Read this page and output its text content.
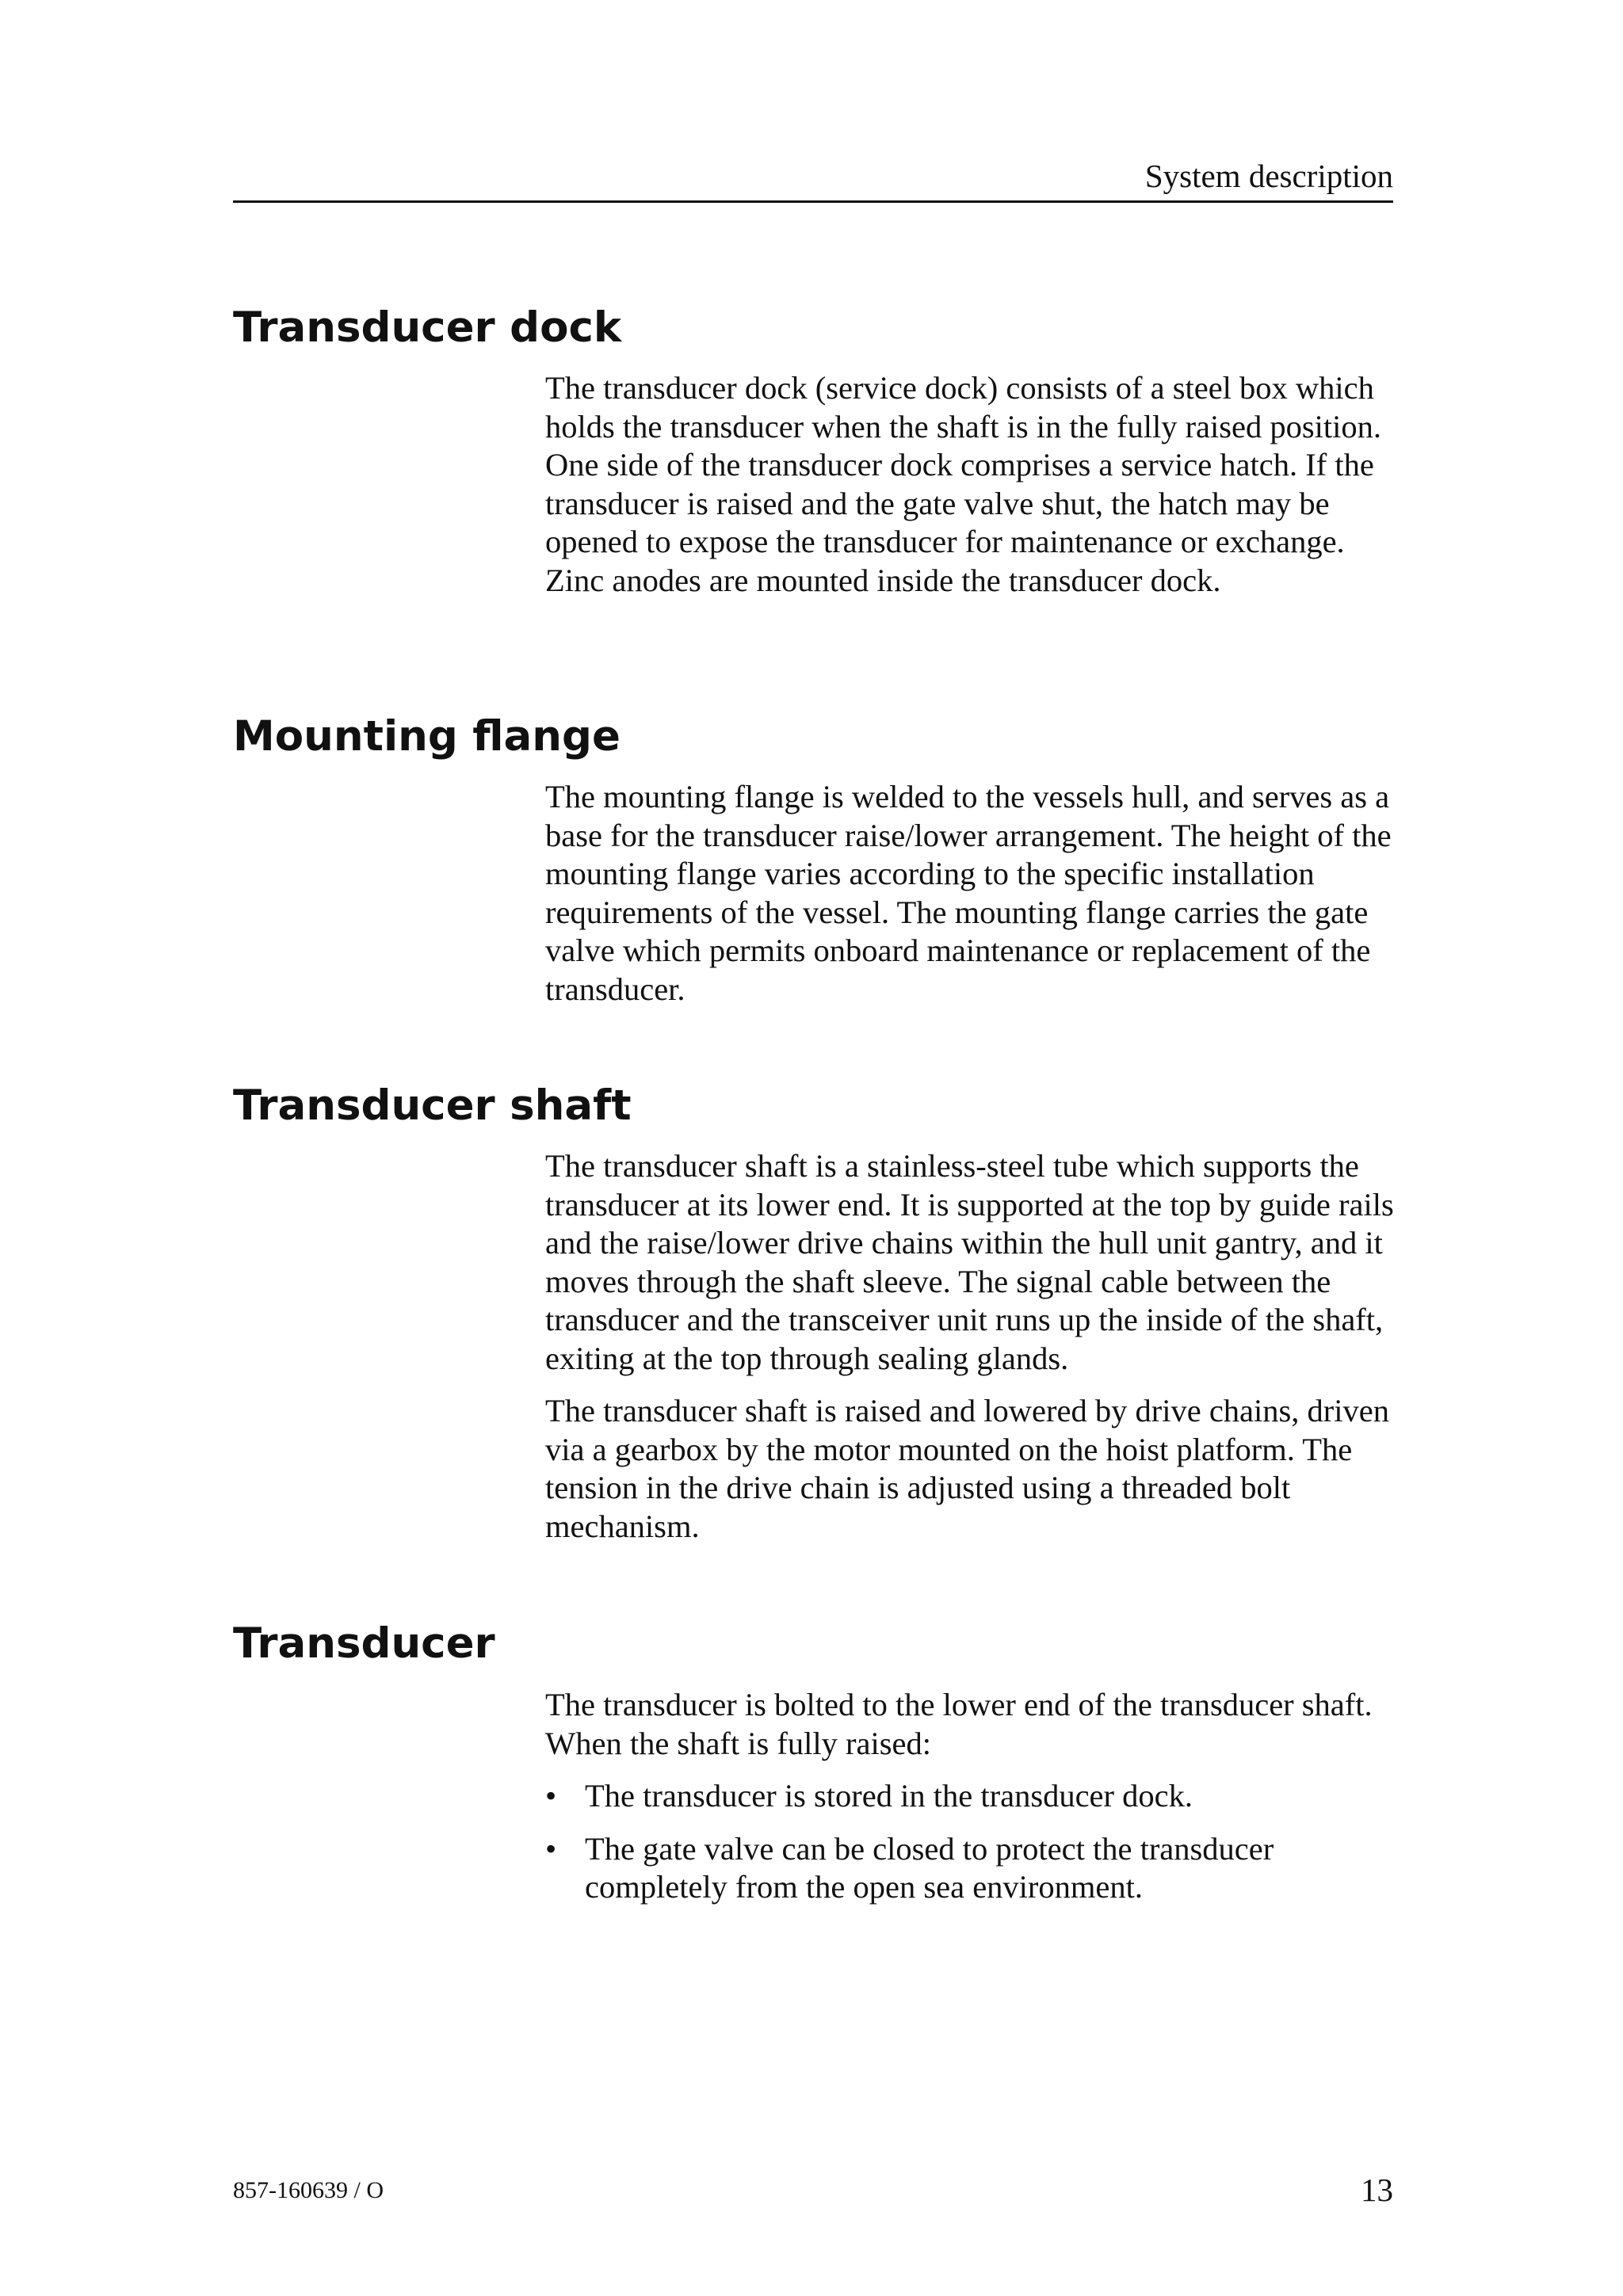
System description
Transducer dock

The transducer dock (service dock) consists of a steel box which holds the transducer when the shaft is in the fully raised position. One side of the transducer dock comprises a service hatch. If the transducer is raised and the gate valve shut, the hatch may be opened to expose the transducer for maintenance or exchange. Zinc anodes are mounted inside the transducer dock.

Mounting flange

The mounting flange is welded to the vessels hull, and serves as a base for the transducer raise/lower arrangement. The height of the mounting flange varies according to the specific installation requirements of the vessel. The mounting flange carries the gate valve which permits onboard maintenance or replacement of the transducer.

Transducer shaft

The transducer shaft is a stainless-steel tube which supports the transducer at its lower end. It is supported at the top by guide rails and the raise/lower drive chains within the hull unit gantry, and it moves through the shaft sleeve. The signal cable between the transducer and the transceiver unit runs up the inside of the shaft, exiting at the top through sealing glands.

The transducer shaft is raised and lowered by drive chains, driven via a gearbox by the motor mounted on the hoist platform. The tension in the drive chain is adjusted using a threaded bolt mechanism.

Transducer

The transducer is bolted to the lower end of the transducer shaft. When the shaft is fully raised:

• The transducer is stored in the transducer dock.
• The gate valve can be closed to protect the transducer completely from the open sea environment.
857-160639 / O	13
